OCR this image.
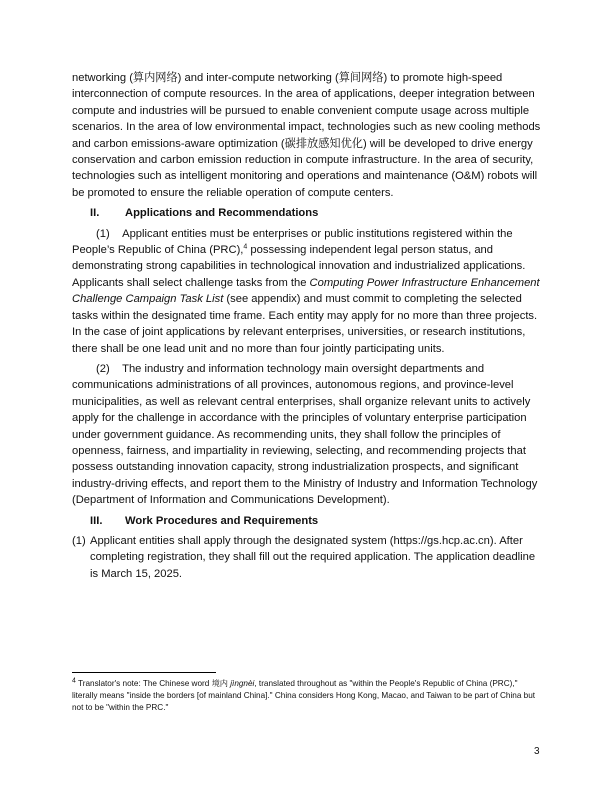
networking (算内网络) and inter-compute networking (算间网络) to promote high-speed interconnection of compute resources. In the area of applications, deeper integration between compute and industries will be pursued to enable convenient compute usage across multiple scenarios. In the area of low environmental impact, technologies such as new cooling methods and carbon emissions-aware optimization (碳排放感知优化) will be developed to drive energy conservation and carbon emission reduction in compute infrastructure. In the area of security, technologies such as intelligent monitoring and operations and maintenance (O&M) robots will be promoted to ensure the reliable operation of compute centers.

II.	Applications and Recommendations

(1)    Applicant entities must be enterprises or public institutions registered within the People’s Republic of China (PRC),$^4$ possessing independent legal person status, and demonstrating strong capabilities in technological innovation and industrialized applications. Applicants shall select challenge tasks from the Computing Power Infrastructure Enhancement Challenge Campaign Task List (see appendix) and must commit to completing the selected tasks within the designated time frame. Each entity may apply for no more than three projects. In the case of joint applications by relevant enterprises, universities, or research institutions, there shall be one lead unit and no more than four jointly participating units.

(2)    The industry and information technology main oversight departments and communications administrations of all provinces, autonomous regions, and province-level municipalities, as well as relevant central enterprises, shall organize relevant units to actively apply for the challenge in accordance with the principles of voluntary enterprise participation under government guidance. As recommending units, they shall follow the principles of openness, fairness, and impartiality in reviewing, selecting, and recommending projects that possess outstanding innovation capacity, strong industrialization prospects, and significant industry-driving effects, and report them to the Ministry of Industry and Information Technology (Department of Information and Communications Development).

III.	Work Procedures and Requirements
(1) Applicant entities shall apply through the designated system (https://gs.hcp.ac.cn). After completing registration, they shall fill out the required application. The application deadline is March 15, 2025.
$^4$ Translator's note: The Chinese word 境内 jìngnèi, translated throughout as "within the People's Republic of China (PRC)," literally means "inside the borders [of mainland China]." China considers Hong Kong, Macao, and Taiwan to be part of China but not to be "within the PRC."
3
